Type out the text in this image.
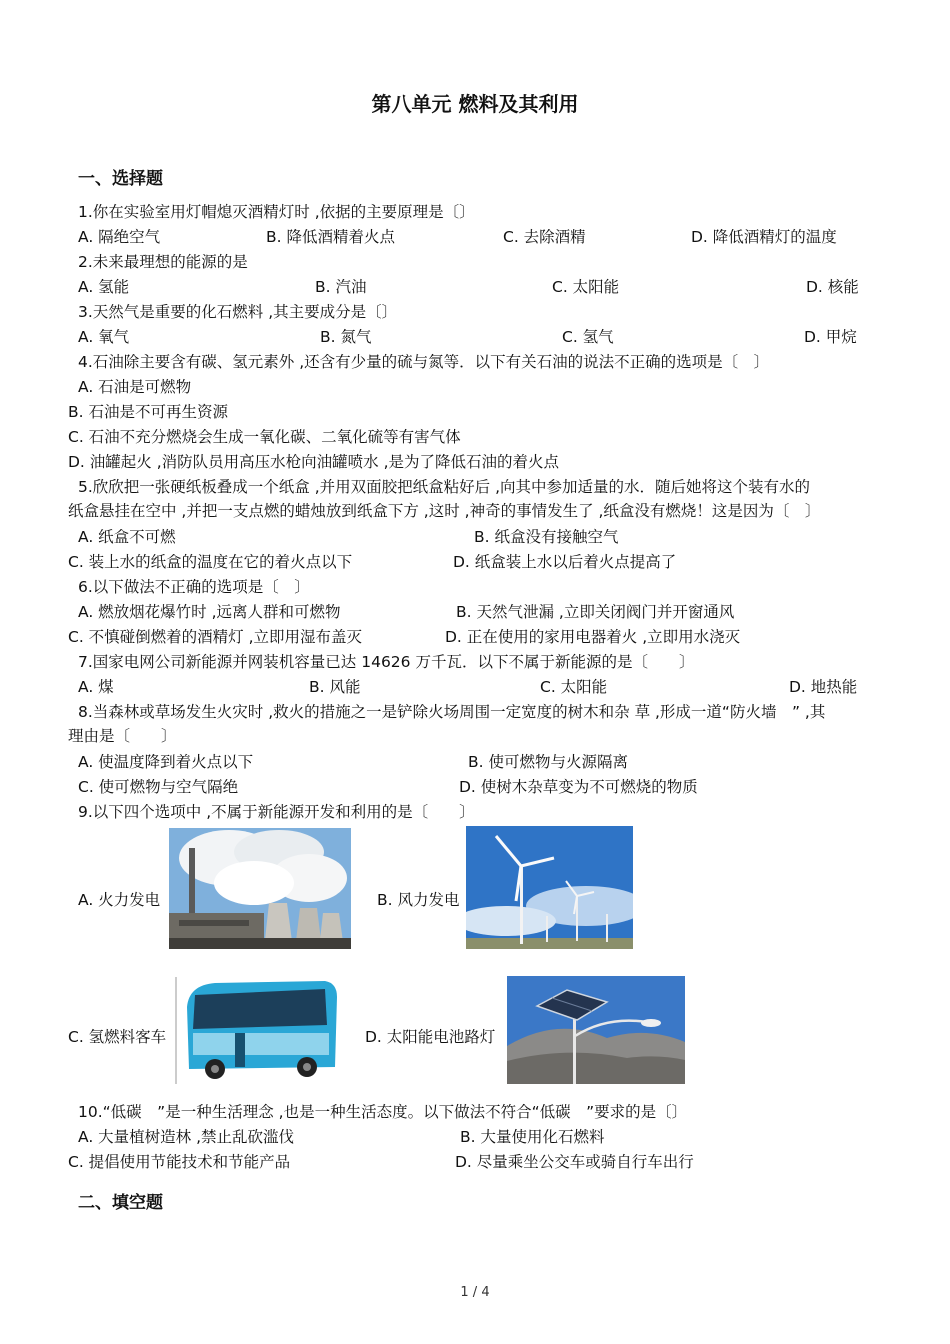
第八单元 燃料及其利用
一、选择题
1.你在实验室用灯帽熄灭酒精灯时 ,依据的主要原理是〔〕
A. 隔绝空气	B. 降低酒精着火点	C. 去除酒精	D. 降低酒精灯的温度
2.未来最理想的能源的是
A. 氢能	B. 汽油	C. 太阳能	D. 核能
3.天然气是重要的化石燃料 ,其主要成分是〔〕
A. 氧气	B. 氮气	C. 氢气	D. 甲烷
4.石油除主要含有碳、氢元素外 ,还含有少量的硫与氮等．以下有关石油的说法不正确的选项是〔　〕
A. 石油是可燃物
B. 石油是不可再生资源
C. 石油不充分燃烧会生成一氧化碳、二氧化硫等有害气体
D. 油罐起火 ,消防队员用高压水枪向油罐喷水 ,是为了降低石油的着火点
5.欣欣把一张硬纸板叠成一个纸盒 ,并用双面胶把纸盒粘好后 ,向其中参加适量的水．随后她将这个装有水的
纸盒悬挂在空中 ,并把一支点燃的蜡烛放到纸盒下方 ,这时 ,神奇的事情发生了 ,纸盒没有燃烧！这是因为〔　〕
A. 纸盒不可燃	B. 纸盒没有接触空气
C. 装上水的纸盒的温度在它的着火点以下	D. 纸盒装上水以后着火点提高了
6.以下做法不正确的选项是〔　〕
A. 燃放烟花爆竹时 ,远离人群和可燃物	B. 天然气泄漏 ,立即关闭阀门并开窗通风
C. 不慎碰倒燃着的酒精灯 ,立即用湿布盖灭	D. 正在使用的家用电器着火 ,立即用水浇灭
7.国家电网公司新能源并网装机容量已达 14626 万千瓦．以下不属于新能源的是〔　　〕
A. 煤	B. 风能	C. 太阳能	D. 地热能
8.当森林或草场发生火灾时 ,救火的措施之一是铲除火场周围一定宽度的树木和杂 草 ,形成一道“防火墙　” ,其
理由是〔　　〕
A. 使温度降到着火点以下	B. 使可燃物与火源隔离
C. 使可燃物与空气隔绝	D. 使树木杂草变为不可燃烧的物质
9.以下四个选项中 ,不属于新能源开发和利用的是〔　　〕
A. 火力发电	B. 风力发电
C. 氢燃料客车	D. 太阳能电池路灯
10.“低碳　”是一种生活理念 ,也是一种生活态度。以下做法不符合“低碳　”要求的是〔〕
A. 大量植树造林 ,禁止乱砍滥伐	B. 大量使用化石燃料
C. 提倡使用节能技术和节能产品	D. 尽量乘坐公交车或骑自行车出行
二、填空题
1 / 4
